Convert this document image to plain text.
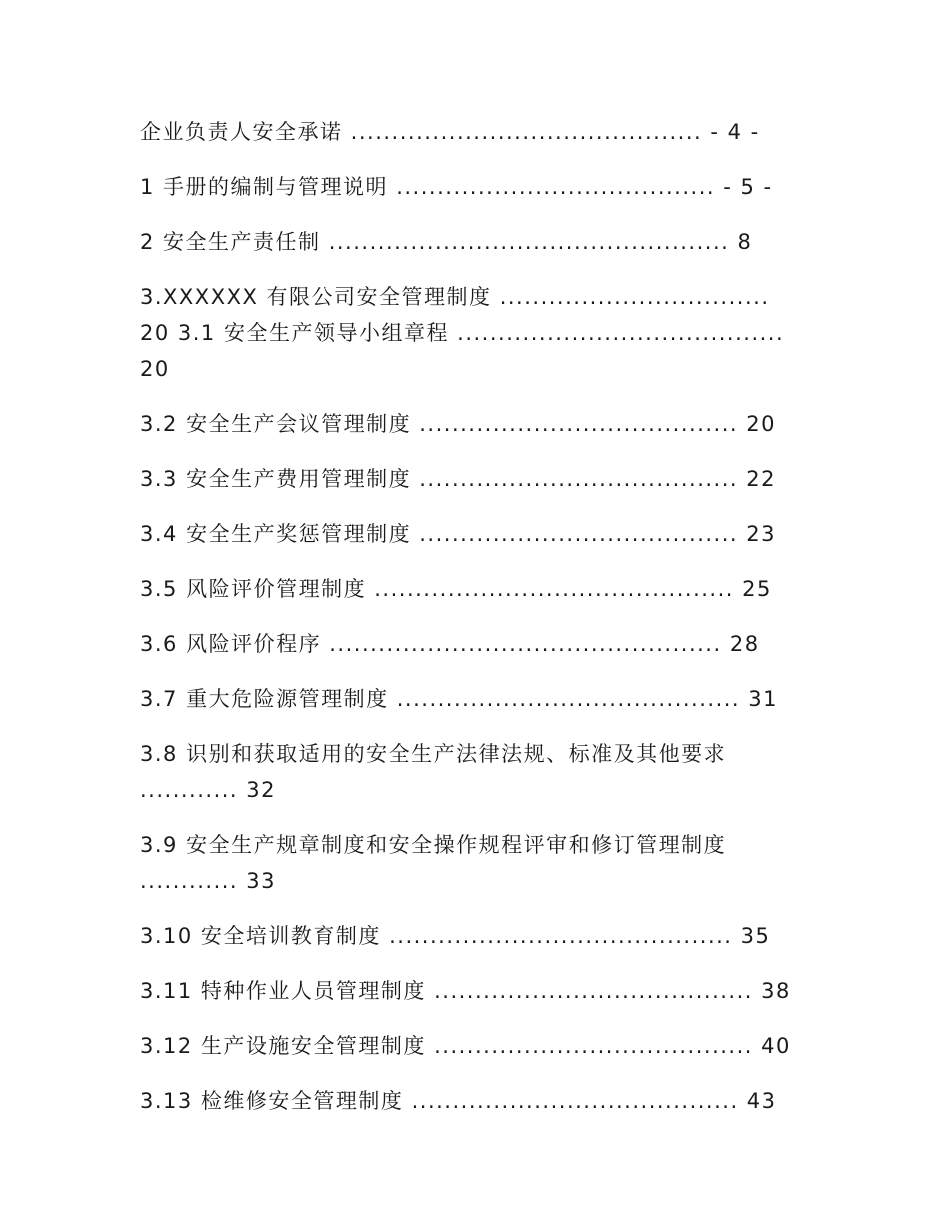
企业负责人安全承诺 ........................................... - 4 -
1 手册的编制与管理说明 ....................................... - 5 -
2 安全生产责任制 ................................................. 8
3.XXXXXX 有限公司安全管理制度 .................................
20 3.1 安全生产领导小组章程 ........................................
20
3.2 安全生产会议管理制度 ....................................... 20
3.3 安全生产费用管理制度 ....................................... 22
3.4 安全生产奖惩管理制度 ....................................... 23
3.5 风险评价管理制度 ............................................ 25
3.6 风险评价程序 ................................................ 28
3.7 重大危险源管理制度 .......................................... 31
3.8 识别和获取适用的安全生产法律法规、标准及其他要求
............ 32
3.9 安全生产规章制度和安全操作规程评审和修订管理制度
............ 33
3.10 安全培训教育制度 .......................................... 35
3.11 特种作业人员管理制度 ....................................... 38
3.12 生产设施安全管理制度 ....................................... 40
3.13 检维修安全管理制度 ........................................ 43
